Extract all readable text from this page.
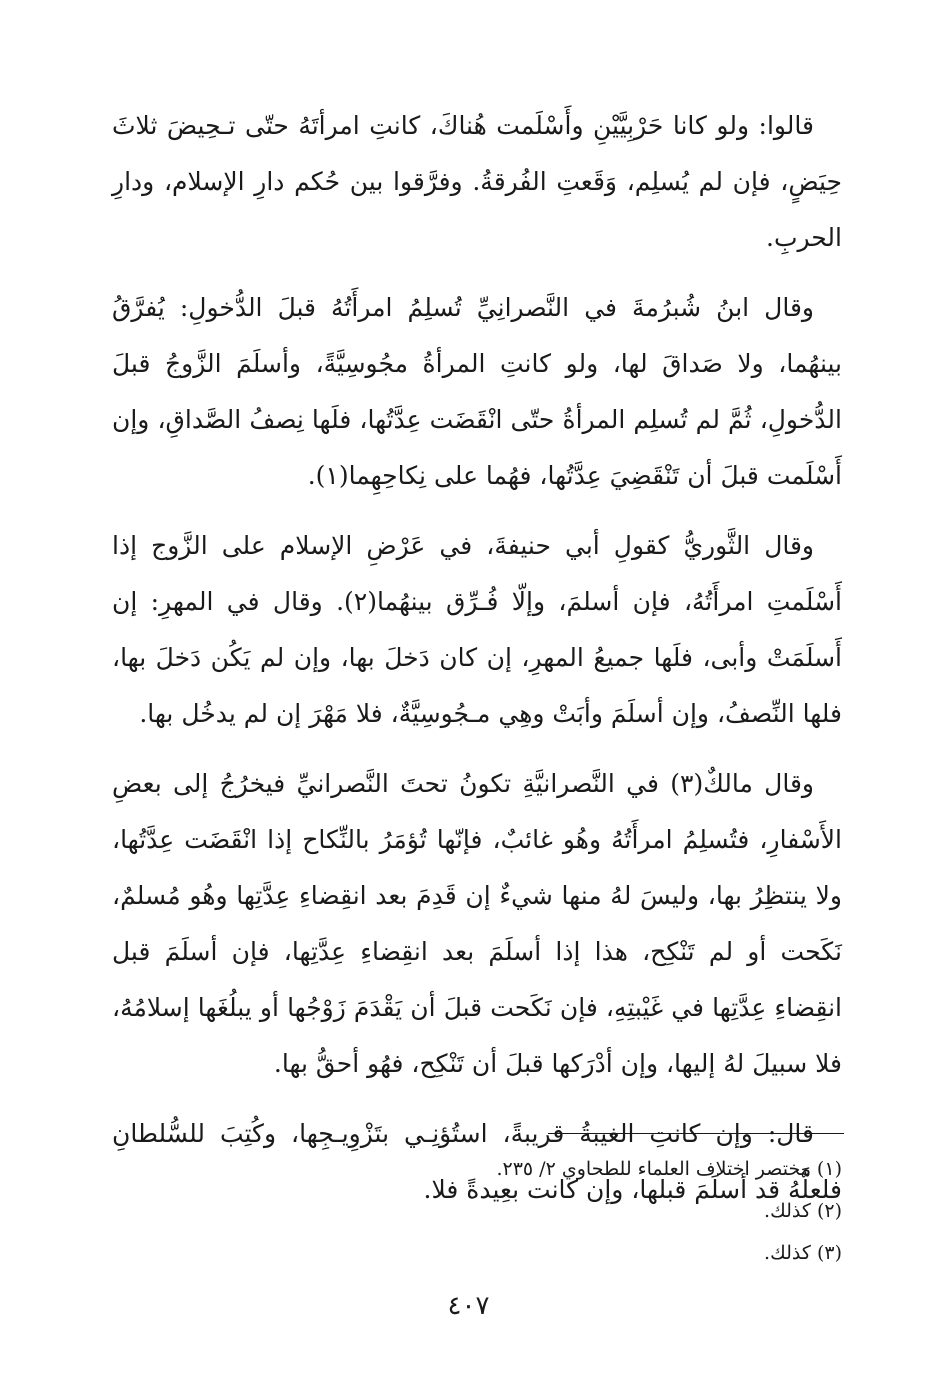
قالوا: ولو كانا حَرْبِيَّيْنِ وأَسْلَمت هُناكَ، كانتِ امرأتَهُ حتّى تـحِيضَ ثلاثَ حِيَضٍ، فإن لم يُسلِم، وَقَعتِ الفُرقةُ. وفرَّقوا بين حُكم دارِ الإسلام، ودارِ الحربِ.

وقال ابنُ شُبرُمةَ في النَّصرانِيِّ تُسلِمُ امرأَتُهُ قبلَ الدُّخولِ: يُفرَّقُ بينهُما، ولا صَداقَ لها، ولو كانتِ المرأةُ مجُوسِيَّةً، وأسلَمَ الزَّوجُ قبلَ الدُّخولِ، ثُمَّ لم تُسلِم المرأةُ حتّى انْقَضَت عِدَّتُها، فلَها نِصفُ الصَّداقِ، وإن أَسْلَمت قبلَ أن تَنْقَضِيَ عِدَّتُها، فهُما على نِكاحِهِما(١).

وقال الثَّوريُّ كقولِ أبي حنيفةَ، في عَرْضِ الإسلام على الزَّوج إذا أَسْلَمتِ امرأَتُهُ، فإن أسلمَ، وإلّا فُـرِّق بينهُما(٢). وقال في المهرِ: إن أَسلَمَتْ وأبى، فلَها جميعُ المهرِ، إن كان دَخلَ بها، وإن لم يَكُن دَخلَ بها، فلها النِّصفُ، وإن أسلَمَ وأبَتْ وهِي مـجُوسِيَّةٌ، فلا مَهْرَ إن لم يدخُل بها.

وقال مالكٌ(٣) في النَّصرانيَّةِ تكونُ تحتَ النَّصرانيِّ فيخرُجُ إلى بعضِ الأَسْفارِ، فتُسلِمُ امرأَتُهُ وهُو غائبٌ، فإنّها تُؤمَرُ بالنِّكاح إذا انْقَضَت عِدَّتُها، ولا ينتظِرُ بها، وليسَ لهُ منها شيءٌ إن قَدِمَ بعد انقِضاءِ عِدَّتِها وهُو مُسلمٌ، نَكَحت أو لم تَنْكِح، هذا إذا أسلَمَ بعد انقِضاءِ عِدَّتِها، فإن أسلَمَ قبل انقِضاءِ عِدَّتِها في غَيْبتِهِ، فإن نَكَحت قبلَ أن يَقْدَمَ زَوْجُها أو يبلُغَها إسلامُهُ، فلا سبيلَ لهُ إليها، وإن أدْرَكها قبلَ أن تَنْكِح، فهُو أحقُّ بها.

قال: وإن كانتِ الغيبةُ قريبةً، استُؤنِـي بتَزْوِيـجِها، وكُتِبَ للسُّلطانِ فلعلَّهُ قد أسلَمَ قبلها، وإن كانت بعِيدةً فلا.

(١) مختصر اختلاف العلماء للطحاوي ٢/ ٢٣٥.
(٢) كذلك.
(٣) كذلك.
٤٠٧
